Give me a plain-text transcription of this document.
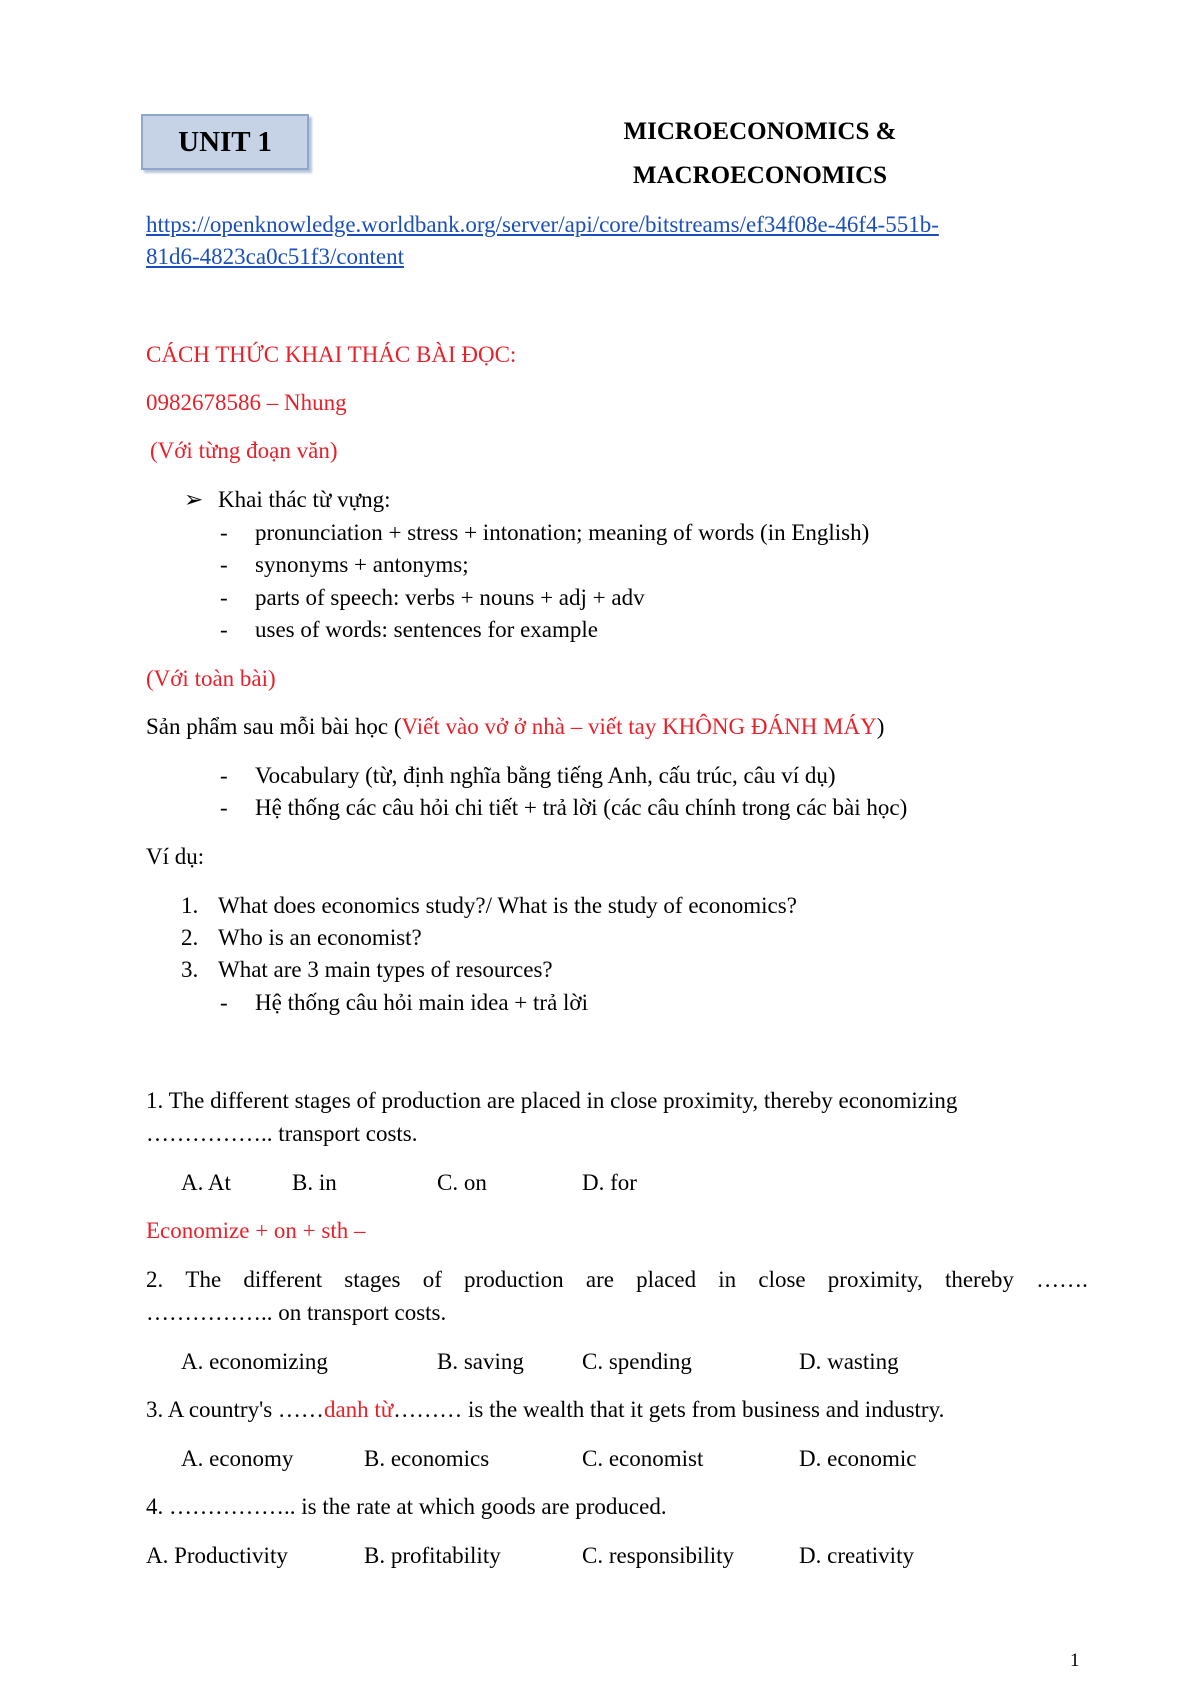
UNIT 1	MICROECONOMICS &
MACROECONOMICS
https://openknowledge.worldbank.org/server/api/core/bitstreams/ef34f08e-46f4-551b-
81d6-4823ca0c51f3/content
CÁCH THỨC KHAI THÁC BÀI ĐỌC:
0982678586 – Nhung
(Với từng đoạn văn)
➢ Khai thác từ vựng:
- pronunciation + stress + intonation; meaning of words (in English)
- synonyms + antonyms;
- parts of speech: verbs + nouns + adj + adv
- uses of words: sentences for example
(Với toàn bài)
Sản phẩm sau mỗi bài học (Viết vào vở ở nhà – viết tay KHÔNG ĐÁNH MÁY)
- Vocabulary (từ, định nghĩa bằng tiếng Anh, cấu trúc, câu ví dụ)
- Hệ thống các câu hỏi chi tiết + trả lời (các câu chính trong các bài học)
Ví dụ:
1. What does economics study?/ What is the study of economics?
2. Who is an economist?
3. What are 3 main types of resources?
- Hệ thống câu hỏi main idea + trả lời
1. The different stages of production are placed in close proximity, thereby economizing
…………….. transport costs.
A. At	B. in	C. on	D. for
Economize + on + sth –
2. The different stages of production are placed in close proximity, thereby …….
…………….. on transport costs.
A. economizing	B. saving	C. spending	D. wasting
3. A country's ……danh từ……… is the wealth that it gets from business and industry.
A. economy	B. economics	C. economist	D. economic
4. …………….. is the rate at which goods are produced.
A. Productivity	B. profitability	C. responsibility	D. creativity
1
